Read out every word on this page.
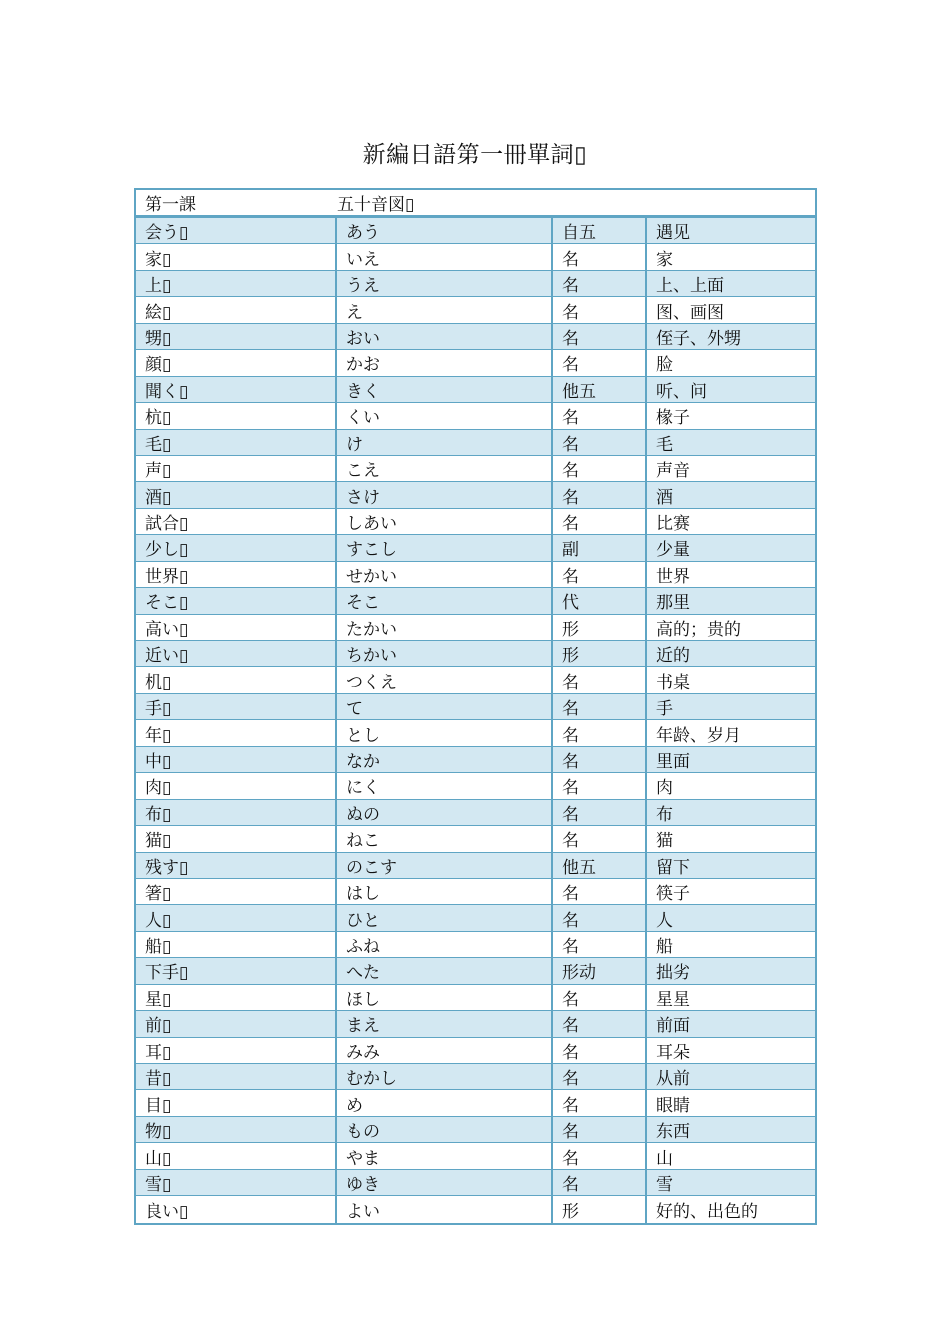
新編日語第一冊單詞▯
第一課	五十音図▯
会う▯	あう	自五	遇见
家▯	いえ	名	家
上▯	うえ	名	上、上面
絵▯	え	名	图、画图
甥▯	おい	名	侄子、外甥
顔▯	かお	名	脸
聞く▯	きく	他五	听、问
杭▯	くい	名	椽子
毛▯	け	名	毛
声▯	こえ	名	声音
酒▯	さけ	名	酒
試合▯	しあい	名	比赛
少し▯	すこし	副	少量
世界▯	せかい	名	世界
そこ▯	そこ	代	那里
高い▯	たかい	形	高的；贵的
近い▯	ちかい	形	近的
机▯	つくえ	名	书桌
手▯	て	名	手
年▯	とし	名	年龄、岁月
中▯	なか	名	里面
肉▯	にく	名	肉
布▯	ぬの	名	布
猫▯	ねこ	名	猫
残す▯	のこす	他五	留下
箸▯	はし	名	筷子
人▯	ひと	名	人
船▯	ふね	名	船
下手▯	へた	形动	拙劣
星▯	ほし	名	星星
前▯	まえ	名	前面
耳▯	みみ	名	耳朵
昔▯	むかし	名	从前
目▯	め	名	眼睛
物▯	もの	名	东西
山▯	やま	名	山
雪▯	ゆき	名	雪
良い▯	よい	形	好的、出色的
